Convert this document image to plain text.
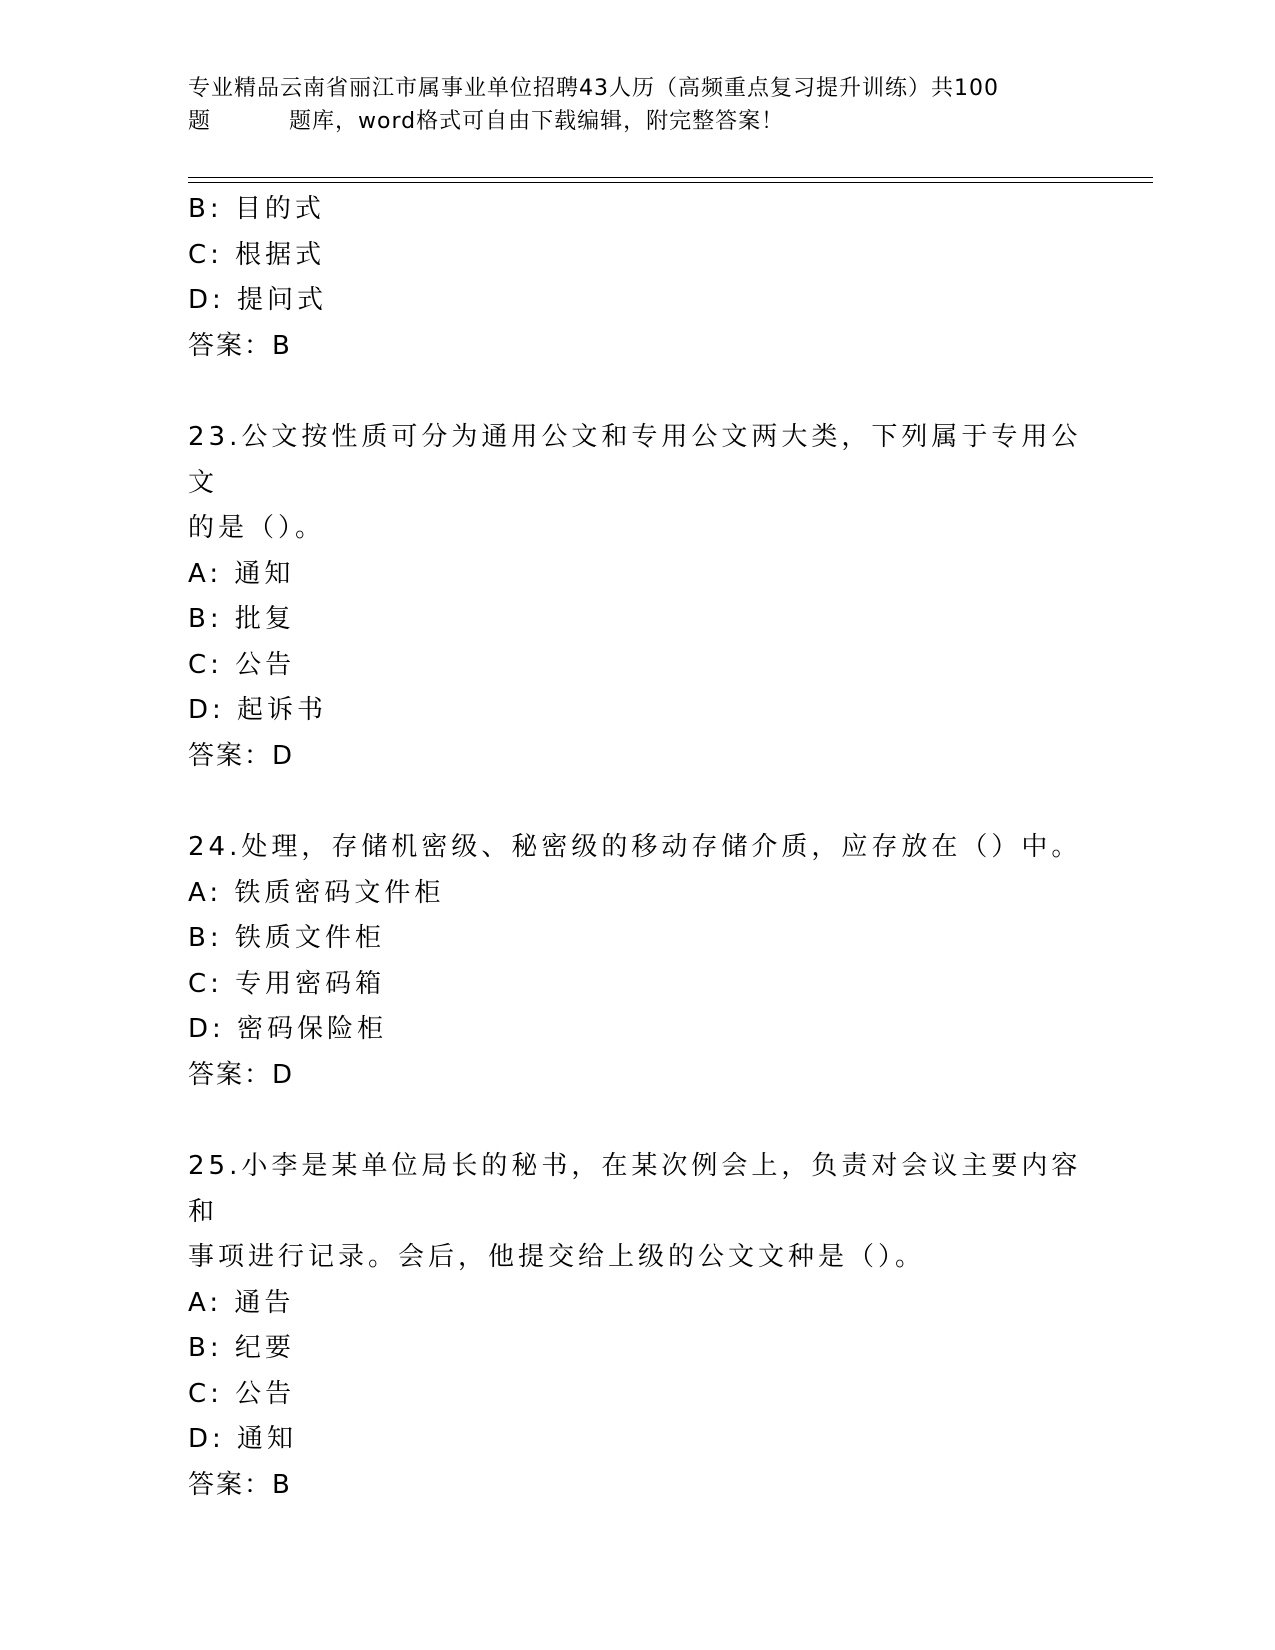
专业精品云南省丽江市属事业单位招聘43人历（高频重点复习提升训练）共100

题	题库，word格式可自由下载编辑，附完整答案！
B: 目的式
C: 根据式
D: 提问式
答案：B
23.公文按性质可分为通用公文和专用公文两大类，下列属于专用公文
的是（）。
A: 通知
B: 批复
C: 公告
D: 起诉书
答案：D
24.处理，存储机密级、秘密级的移动存储介质，应存放在（）中。
A: 铁质密码文件柜
B: 铁质文件柜
C: 专用密码箱
D: 密码保险柜
答案：D
25.小李是某单位局长的秘书，在某次例会上，负责对会议主要内容和
事项进行记录。会后，他提交给上级的公文文种是（）。
A: 通告
B: 纪要
C: 公告
D: 通知
答案：B
